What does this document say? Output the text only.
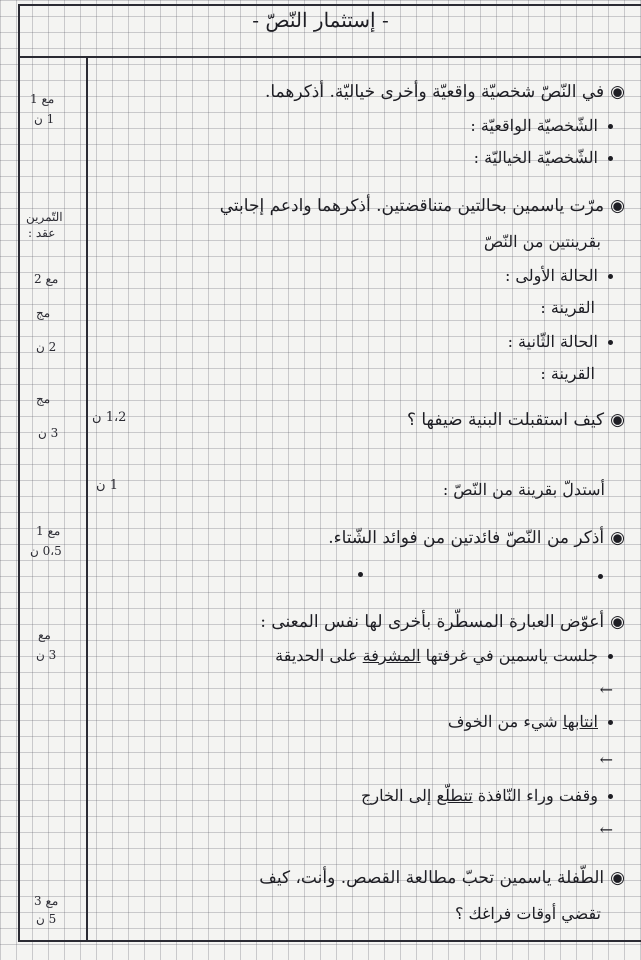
- إستثمار النّصّ -
◉في النّصّ شخصيّة واقعيّة وأخرى خياليّة. أذكرهما.
الشّخصيّة الواقعيّة :
الشّخصيّة الخياليّة :
◉مرّت ياسمين بحالتين متناقضتين. أذكرهما وادعم إجابتي
بقرينتين من النّصّ
الحالة الأولى :
القرينة :
الحالة الثّانية :
القرينة :
◉كيف استقبلت البنية ضيفها ؟
أستدلّ بقرينة من النّصّ :
◉أذكر من النّصّ فائدتين من فوائد الشّتاء.
◉أعوّض العبارة المسطّرة بأخرى لها نفس المعنى :
جلست ياسمين في غرفتها المشرفة على الحديقة
←
انتابها شيء من الخوف
←
وقفت وراء النّافذة تتطلّع إلى الخارج
←
◉الطّفلة ياسمين تحبّ مطالعة القصص. وأنت، كيف
تقضي أوقات فراغك ؟
مع 1
1 ن
التّمرين
عقد :
مع 2
مج
2 ن
مج
3 ن
1،2 ن
1 ن
مع 1
0،5 ن
مع
3 ن
مع 3
5 ن
